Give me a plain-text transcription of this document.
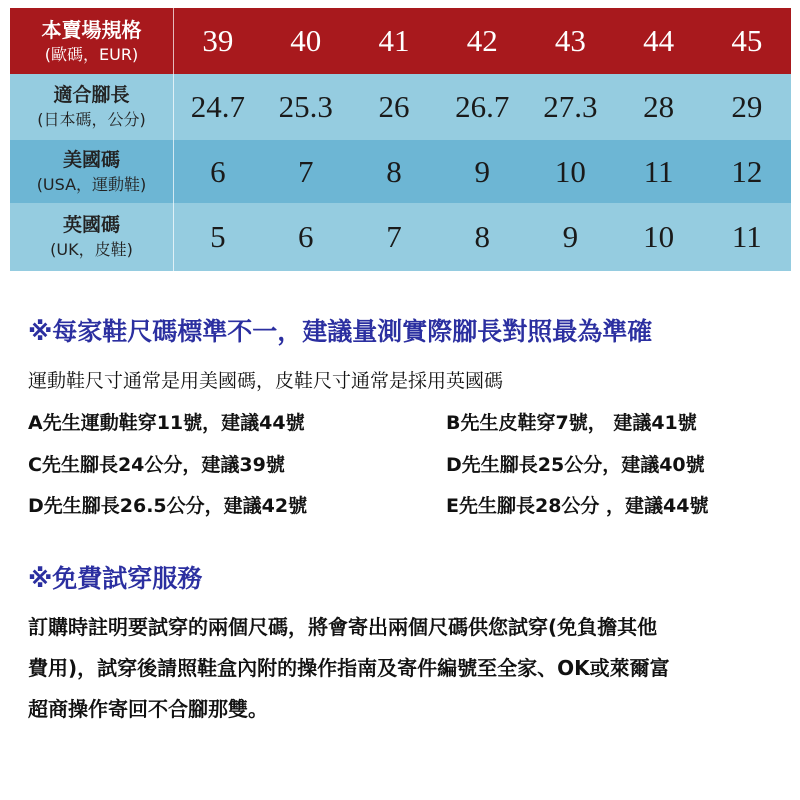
本賣場規格
(歐碼，EUR)	39	40	41	42	43	44	45

適合腳長
(日本碼，公分)	24.7	25.3	26	26.7	27.3	28	29

美國碼
(USA，運動鞋)	6	7	8	9	10	11	12

英國碼
(UK，皮鞋)	5	6	7	8	9	10	11

※每家鞋尺碼標準不一，建議量測實際腳長對照最為準確

運動鞋尺寸通常是用美國碼，皮鞋尺寸通常是採用英國碼

A先生運動鞋穿11號，建議44號	B先生皮鞋穿7號， 建議41號

C先生腳長24公分，建議39號	D先生腳長25公分，建議40號

D先生腳長26.5公分，建議42號	E先生腳長28公分 ，建議44號

※免費試穿服務

訂購時註明要試穿的兩個尺碼，將會寄出兩個尺碼供您試穿(免負擔其他
費用)，試穿後請照鞋盒內附的操作指南及寄件編號至全家、OK或萊爾富
超商操作寄回不合腳那雙。
